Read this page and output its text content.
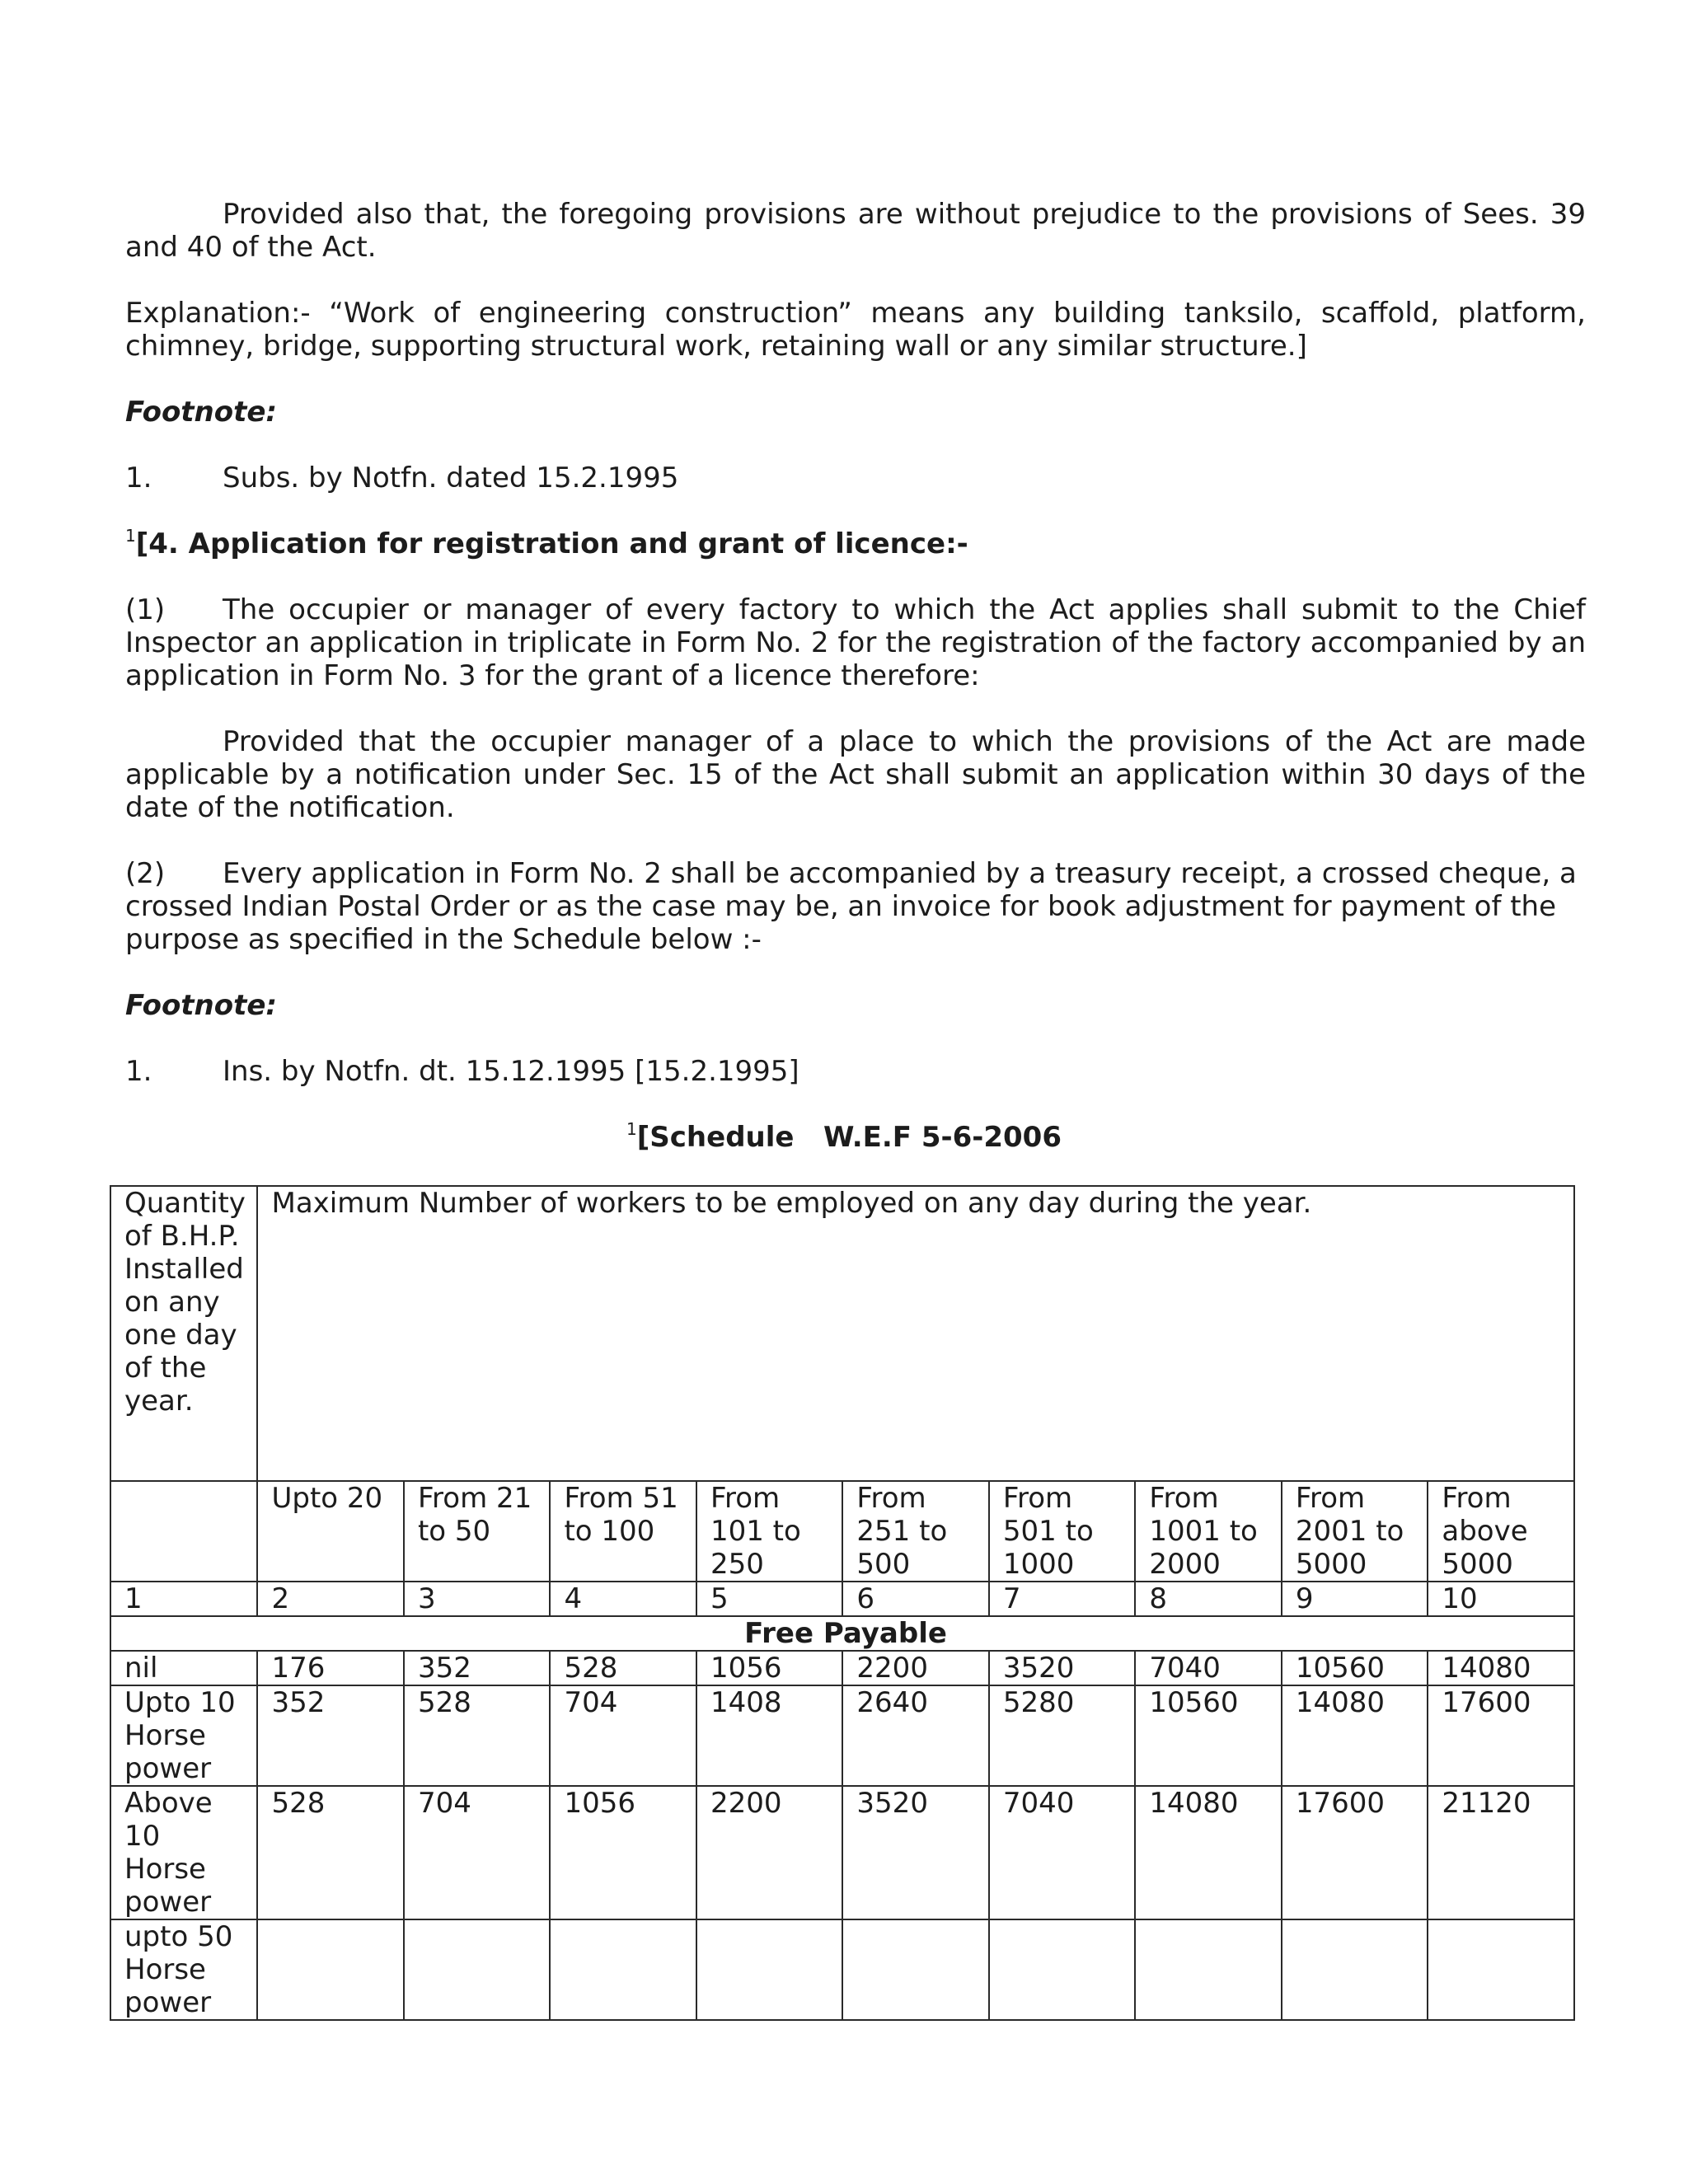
Provided also that, the foregoing provisions are without prejudice to the provisions of Sees. 39 and 40 of the Act.

Explanation:- “Work of engineering construction” means any building tanksilo, scaffold, platform, chimney, bridge, supporting structural work, retaining wall or any similar structure.]

Footnote:

1.	Subs. by Notfn. dated 15.2.1995

$^1$[4. Application for registration and grant of licence:-

(1) The occupier or manager of every factory to which the Act applies shall submit to the Chief Inspector an application in triplicate in Form No. 2 for the registration of the factory accompanied by an application in Form No. 3 for the grant of a licence therefore:

Provided that the occupier manager of a place to which the provisions of the Act are made applicable by a notification under Sec. 15 of the Act shall submit an application within 30 days of the date of the notification.

(2) Every application in Form No. 2 shall be accompanied by a treasury receipt, a crossed cheque, a crossed Indian Postal Order or as the case may be, an invoice for book adjustment for payment of the purpose as specified in the Schedule below :-

Footnote:

1.	Ins. by Notfn. dt. 15.12.1995 [15.2.1995]

$^1$[Schedule   W.E.F 5-6-2006

Quantity of B.H.P. Installed on any one day of the year.	Maximum Number of workers to be employed on any day during the year.								
	Upto 20	From 21 to 50	From 51 to 100	From 101 to 250	From 251 to 500	From 501 to 1000	From 1001 to 2000	From 2001 to 5000	From above 5000
1	2	3	4	5	6	7	8	9	10
Free Payable									
nil	176	352	528	1056	2200	3520	7040	10560	14080
Upto 10 Horse power	352	528	704	1408	2640	5280	10560	14080	17600
Above 10 Horse power	528	704	1056	2200	3520	7040	14080	17600	21120
upto 50 Horse power									
